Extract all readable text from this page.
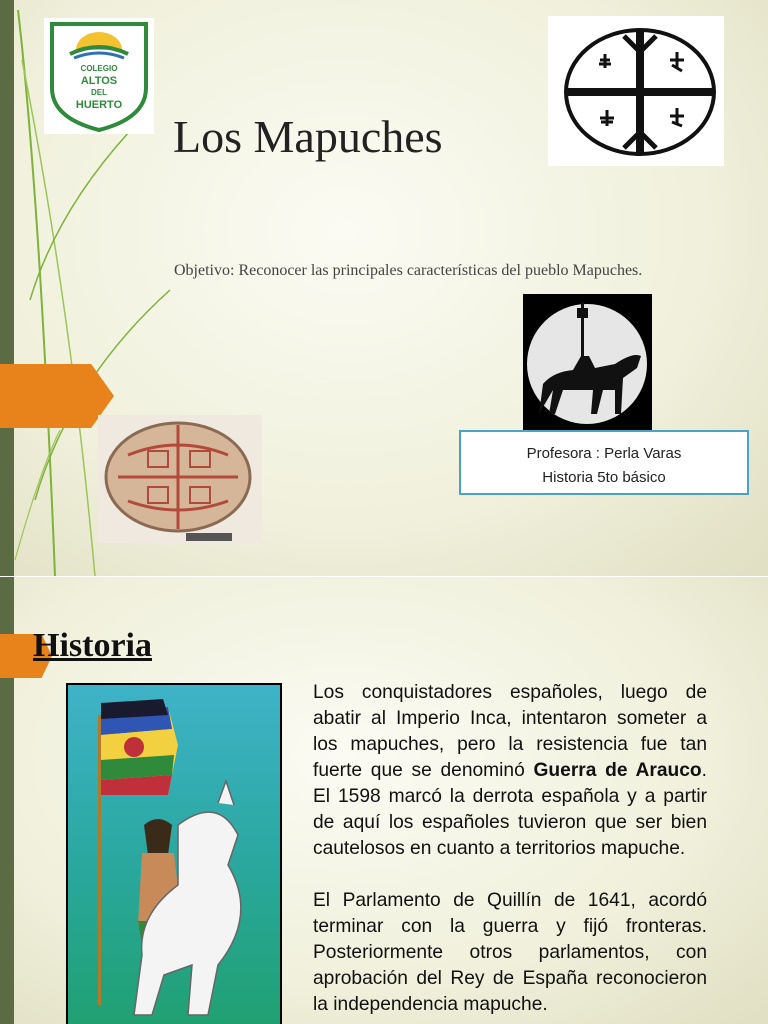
COLEGIO
ALTOS
DEL
HUERTO
Los Mapuches

Objetivo: Reconocer las principales características del pueblo Mapuches.

Profesora : Perla Varas
Historia 5to básico
Historia

Los conquistadores españoles, luego de abatir al Imperio Inca, intentaron someter a los mapuches, pero la resistencia fue tan fuerte que se denominó Guerra de Arauco. El 1598 marcó la derrota española y a partir de aquí los españoles tuvieron que ser bien cautelosos en cuanto a territorios mapuche.

El Parlamento de Quillín de 1641, acordó terminar con la guerra y fijó fronteras. Posteriormente otros parlamentos, con aprobación del Rey de España reconocieron la independencia mapuche.
